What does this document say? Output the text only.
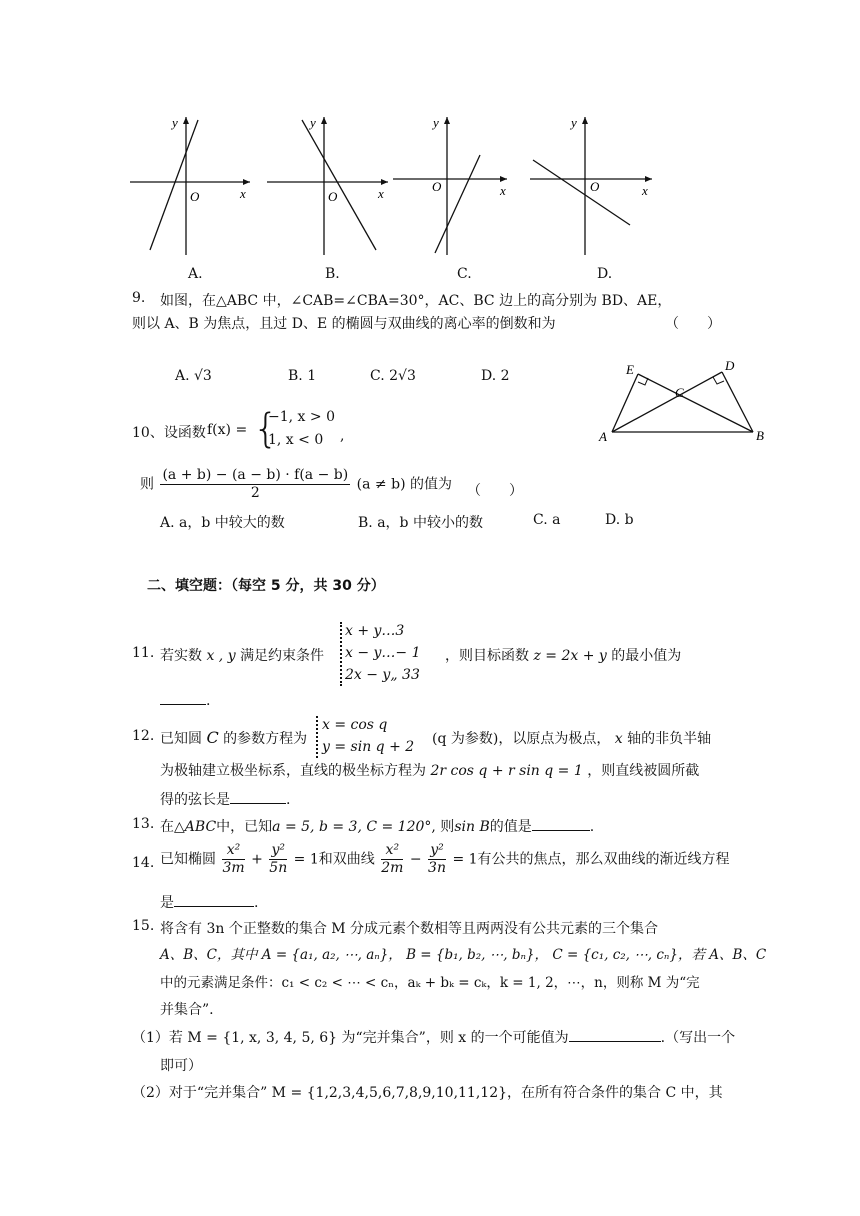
y
O	x
y
O	x
y
O	x
y
O	x
A.	B.	C.	D.
9. 如图，在△ABC 中，∠CAB=∠CBA=30°，AC、BC 边上的高分别为 BD、AE，
则以 A、B 为焦点，且过 D、E 的椭圆与双曲线的离心率的倒数和为	（　　）
A. √3	B. 1	C. 2√3	D. 2	E	D
C
A	B
10、设函数 f(x) = {
−1, x > 0
1, x < 0 ,
则 $\frac{(a + b) - (a - b) \cdot f(a - b)}{2} (a \ne b)$ 的值为 （　　）
A. a，b 中较大的数	B. a，b 中较小的数	C. a	D. b
二、填空题：（每空 5 分，共 30 分）
11. 若实数 x , y 满足约束条件
x + y…3
x − y…− 1
2x − y„ 33
，则目标函数 z = 2x + y 的最小值为
.
12. 已知圆 C 的参数方程为
x = cos q
y = sin q + 2 (q 为参数)，以原点为极点， x 轴的非负半轴
为极轴建立极坐标系，直线的极坐标方程为 2r cos q + r sin q = 1 ，则直线被圆所截
得的弦长是	.
13. 在△ABC中，已知a = 5, b = 3, C = 120°, 则sin B的值是	.
14. 已知椭圆 $\frac{\text{x²}}{3m} + \frac{\text{y²}}{5n} = 1$和双曲线 $\frac{\text{x²}}{2m} - \frac{\text{y²}}{3n} = 1$有公共的焦点，那么双曲线的渐近线方程
是	.
15. 将含有 3n 个正整数的集合 M 分成元素个数相等且两两没有公共元素的三个集合
A、B、C，其中 A = {a₁, a₂, ⋯, aₙ}， B = {b₁, b₂, ⋯, bₙ}， C = {c₁, c₂, ⋯, cₙ}，若 A、B、C
中的元素满足条件：c₁ < c₂ < ⋯ < cₙ，aₖ + bₖ = cₖ，k = 1, 2，⋯，n，则称 M 为“完
并集合”.
（1）若 M = {1, x, 3, 4, 5, 6} 为“完并集合”，则 x 的一个可能值为	.（写出一个
即可）
（2）对于“完并集合” M = {1,2,3,4,5,6,7,8,9,10,11,12}，在所有符合条件的集合 C 中，其
